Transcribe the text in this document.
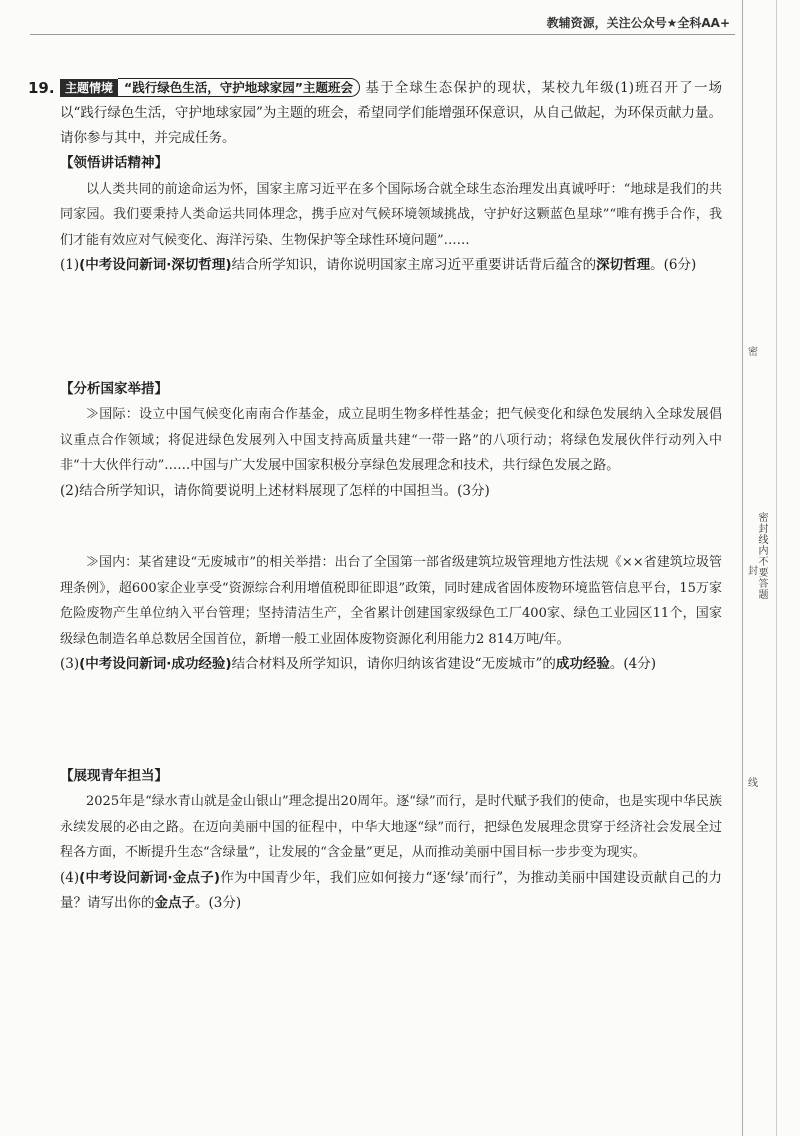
教辅资源，关注公众号★全科AA+
密
封
线
密封线内不要答题
19. 主题情境 “践行绿色生活，守护地球家园”主题班会 基于全球生态保护的现状，某校九年级(1)班召开了一场以“践行绿色生活，守护地球家园”为主题的班会，希望同学们能增强环保意识，从自己做起，为环保贡献力量。请你参与其中，并完成任务。

【领悟讲话精神】

以人类共同的前途命运为怀，国家主席习近平在多个国际场合就全球生态治理发出真诚呼吁：“地球是我们的共同家园。我们要秉持人类命运共同体理念，携手应对气候环境领域挑战，守护好这颗蓝色星球”“唯有携手合作，我们才能有效应对气候变化、海洋污染、生物保护等全球性环境问题”……

(1)(中考设问新词·深切哲理)结合所学知识，请你说明国家主席习近平重要讲话背后蕴含的深切哲理。(6分)

【分析国家举措】

≫国际：设立中国气候变化南南合作基金，成立昆明生物多样性基金；把气候变化和绿色发展纳入全球发展倡议重点合作领域；将促进绿色发展列入中国支持高质量共建“一带一路”的八项行动；将绿色发展伙伴行动列入中非“十大伙伴行动”……中国与广大发展中国家积极分享绿色发展理念和技术，共行绿色发展之路。

(2)结合所学知识，请你简要说明上述材料展现了怎样的中国担当。(3分)

≫国内：某省建设“无废城市”的相关举措：出台了全国第一部省级建筑垃圾管理地方性法规《××省建筑垃圾管理条例》，超600家企业享受“资源综合利用增值税即征即退”政策，同时建成省固体废物环境监管信息平台，15万家危险废物产生单位纳入平台管理；坚持清洁生产，全省累计创建国家级绿色工厂400家、绿色工业园区11个，国家级绿色制造名单总数居全国首位，新增一般工业固体废物资源化利用能力2 814万吨/年。

(3)(中考设问新词·成功经验)结合材料及所学知识，请你归纳该省建设“无废城市”的成功经验。(4分)

【展现青年担当】

2025年是“绿水青山就是金山银山”理念提出20周年。逐“绿”而行，是时代赋予我们的使命，也是实现中华民族永续发展的必由之路。在迈向美丽中国的征程中，中华大地逐“绿”而行，把绿色发展理念贯穿于经济社会发展全过程各方面，不断提升生态“含绿量”，让发展的“含金量”更足，从而推动美丽中国目标一步步变为现实。

(4)(中考设问新词·金点子)作为中国青少年，我们应如何接力“逐‘绿’而行”，为推动美丽中国建设贡献自己的力量？请写出你的金点子。(3分)
